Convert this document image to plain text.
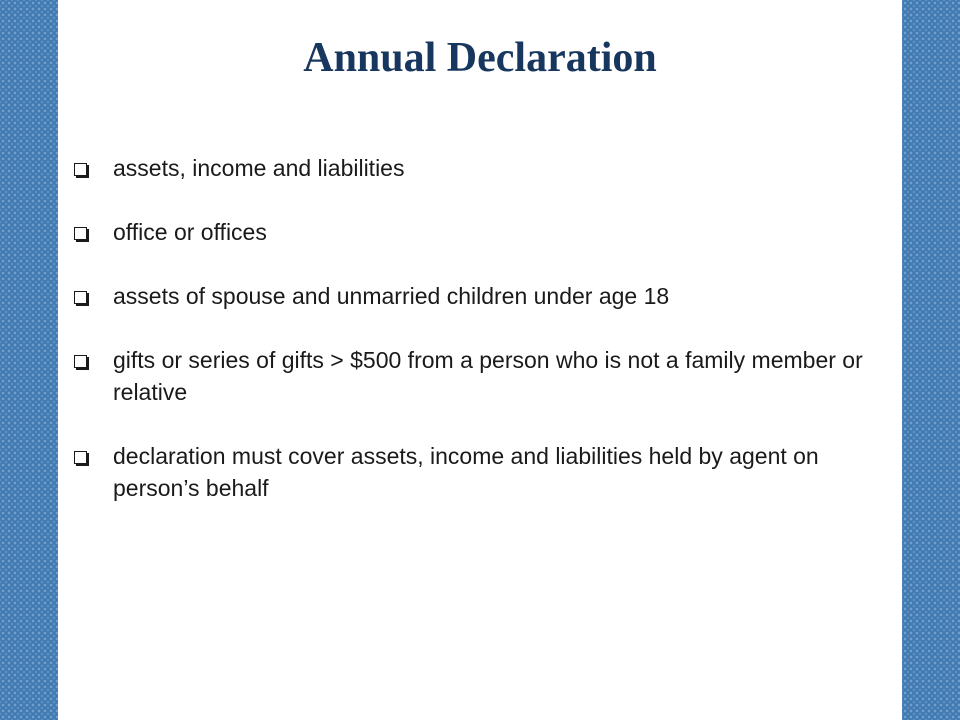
Annual Declaration
assets, income and liabilities
office or offices
assets of spouse and unmarried children under age 18
gifts or series of gifts > $500 from a person who is not a family member or relative
declaration must cover assets, income and liabilities held by agent on person’s behalf
